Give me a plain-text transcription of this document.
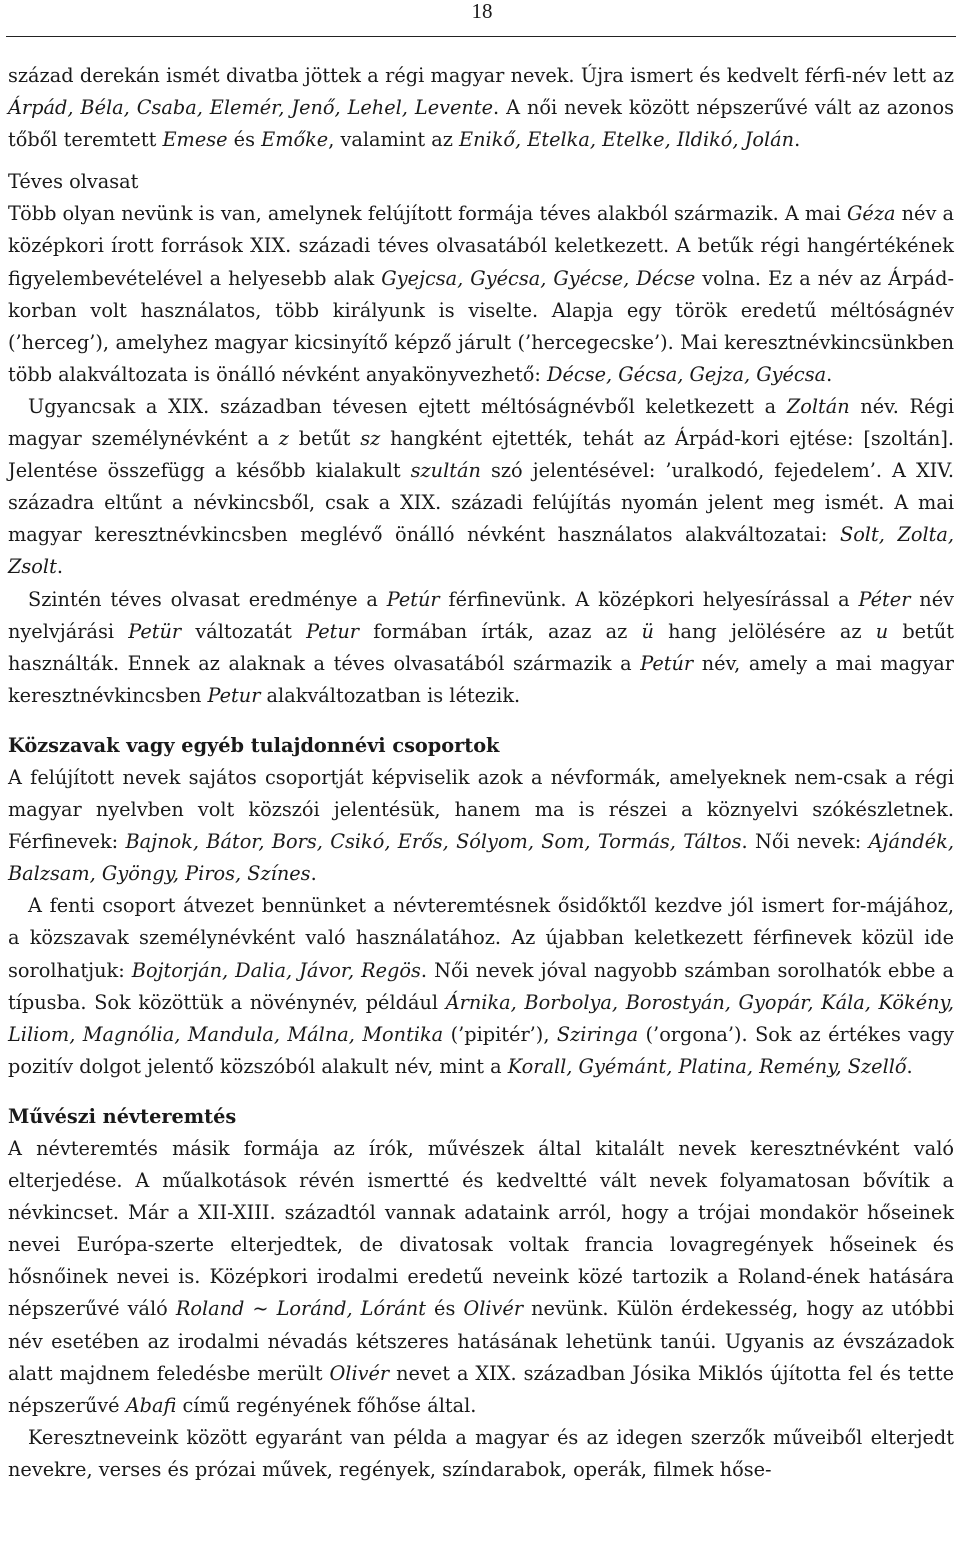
18

század derekán ismét divatba jöttek a régi magyar nevek. Újra ismert és kedvelt férfi-név lett az Árpád, Béla, Csaba, Elemér, Jenő, Lehel, Levente. A női nevek között népszerűvé vált az azonos tőből teremtett Emese és Emőke, valamint az Enikő, Etelka, Etelke, Ildikó, Jolán.

Téves olvasat

Több olyan nevünk is van, amelynek felújított formája téves alakból származik. A mai Géza név a középkori írott források XIX. századi téves olvasatából keletkezett. A betűk régi hangértékének figyelembevételével a helyesebb alak Gyejcsa, Gyécsa, Gyécse, Décse volna. Ez a név az Árpád-korban volt használatos, több királyunk is viselte. Alapja egy török eredetű méltóságnév (’herceg’), amelyhez magyar kicsinyítő képző járult (’hercegecske’). Mai keresztnévkincsünkben több alakváltozata is önálló névként anyakönyvezhető: Décse, Gécsa, Gejza, Gyécsa.

Ugyancsak a XIX. században tévesen ejtett méltóságnévből keletkezett a Zoltán név. Régi magyar személynévként a z betűt sz hangként ejtették, tehát az Árpád-kori ejtése: [szoltán]. Jelentése összefügg a később kialakult szultán szó jelentésével: ’uralkodó, fejedelem’. A XIV. századra eltűnt a névkincsből, csak a XIX. századi felújítás nyomán jelent meg ismét. A mai magyar keresztnévkincsben meglévő önálló névként használatos alakváltozatai: Solt, Zolta, Zsolt.

Szintén téves olvasat eredménye a Petúr férfinevünk. A középkori helyesírással a Péter név nyelvjárási Petür változatát Petur formában írták, azaz az ü hang jelölésére az u betűt használták. Ennek az alaknak a téves olvasatából származik a Petúr név, amely a mai magyar keresztnévkincsben Petur alakváltozatban is létezik.

Közszavak vagy egyéb tulajdonnévi csoportok

A felújított nevek sajátos csoportját képviselik azok a névformák, amelyeknek nem-csak a régi magyar nyelvben volt közszói jelentésük, hanem ma is részei a köznyelvi szókészletnek. Férfinevek: Bajnok, Bátor, Bors, Csikó, Erős, Sólyom, Som, Tormás, Táltos. Női nevek: Ajándék, Balzsam, Gyöngy, Piros, Színes.

A fenti csoport átvezet bennünket a névteremtésnek ősidőktől kezdve jól ismert for-májához, a közszavak személynévként való használatához. Az újabban keletkezett férfinevek közül ide sorolhatjuk: Bojtorján, Dalia, Jávor, Regös. Női nevek jóval nagyobb számban sorolhatók ebbe a típusba. Sok közöttük a növénynév, például Árnika, Borbolya, Borostyán, Gyopár, Kála, Kökény, Liliom, Magnólia, Mandula, Málna, Montika (’pipitér’), Sziringa (’orgona’). Sok az értékes vagy pozitív dolgot jelentő közszóból alakult név, mint a Korall, Gyémánt, Platina, Remény, Szellő.

Művészi névteremtés

A névteremtés másik formája az írók, művészek által kitalált nevek keresztnévként való elterjedése. A műalkotások révén ismertté és kedveltté vált nevek folyamatosan bővítik a névkincset. Már a XII-XIII. századtól vannak adataink arról, hogy a trójai mondakör hőseinek nevei Európa-szerte elterjedtek, de divatosak voltak francia lovagregények hőseinek és hősnőinek nevei is. Középkori irodalmi eredetű neveink közé tartozik a Roland-ének hatására népszerűvé váló Roland ~ Loránd, Lóránt és Olivér nevünk. Külön érdekesség, hogy az utóbbi név esetében az irodalmi névadás kétszeres hatásának lehetünk tanúi. Ugyanis az évszázadok alatt majdnem feledésbe merült Olivér nevet a XIX. században Jósika Miklós újította fel és tette népszerűvé Abafi című regényének főhőse által.

Keresztneveink között egyaránt van példa a magyar és az idegen szerzők műveiből elterjedt nevekre, verses és prózai művek, regények, színdarabok, operák, filmek hőse-
